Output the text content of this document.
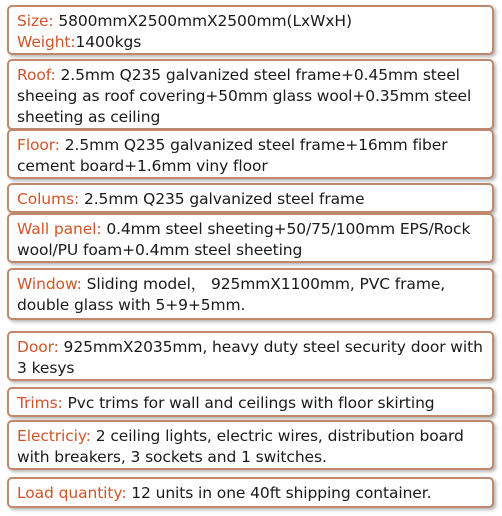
Size: 5800mmX2500mmX2500mm(LxWxH)
Weight:1400kgs
Roof: 2.5mm Q235 galvanized steel frame+0.45mm steel
sheeing as roof covering+50mm glass wool+0.35mm steel
sheeting as ceiling
Floor: 2.5mm Q235 galvanized steel frame+16mm fiber
cement board+1.6mm viny floor
Colums: 2.5mm Q235 galvanized steel frame
Wall panel: 0.4mm steel sheeting+50/75/100mm EPS/Rock
wool/PU foam+0.4mm steel sheeting
Window: Sliding model， 925mmX1100mm, PVC frame,
double glass with 5+9+5mm.
Door: 925mmX2035mm, heavy duty steel security door with
3 kesys
Trims: Pvc trims for wall and ceilings with floor skirting
Electriciy: 2 ceiling lights, electric wires, distribution board
with breakers, 3 sockets and 1 switches.
Load quantity: 12 units in one 40ft shipping container.
